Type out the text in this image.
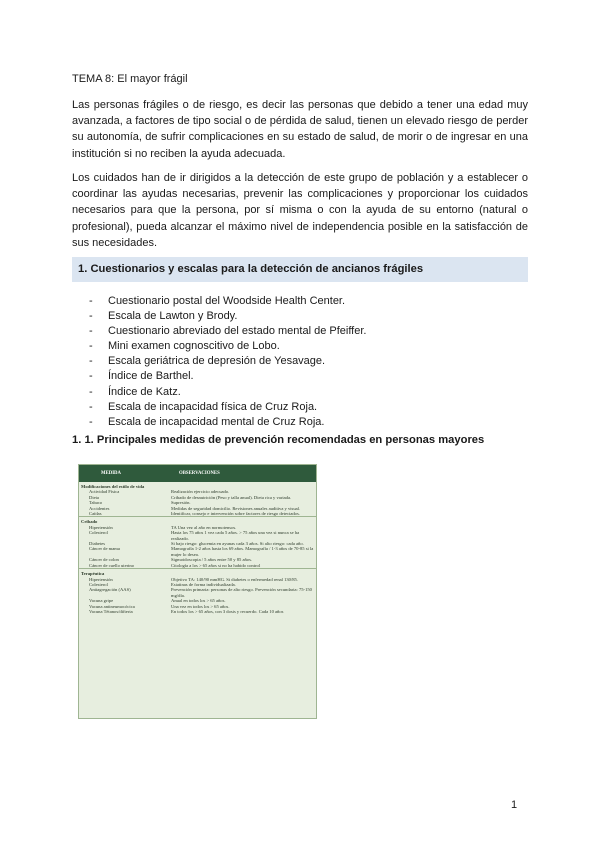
TEMA 8: El mayor frágil

Las personas frágiles o de riesgo, es decir las personas que debido a tener una edad muy avanzada, a factores de tipo social o de pérdida de salud, tienen un elevado riesgo de perder su autonomía, de sufrir complicaciones en su estado de salud, de morir o de ingresar en una institución si no reciben la ayuda adecuada.

Los cuidados han de ir dirigidos a la detección de este grupo de población y a establecer o coordinar las ayudas necesarias, prevenir las complicaciones y proporcionar los cuidados necesarios para que la persona, por sí misma o con la ayuda de su entorno (natural o profesional), pueda alcanzar el máximo nivel de independencia posible en la satisfacción de sus necesidades.

1. Cuestionarios y escalas para la detección de ancianos frágiles
- Cuestionario postal del Woodside Health Center.
- Escala de Lawton y Brody.
- Cuestionario abreviado del estado mental de Pfeiffer.
- Mini examen cognoscitivo de Lobo.
- Escala geriátrica de depresión de Yesavage.
- Índice de Barthel.
- Índice de Katz.
- Escala de incapacidad física de Cruz Roja.
- Escala de incapacidad mental de Cruz Roja.
1. 1. Principales medidas de prevención recomendadas en personas mayores
MEDIDA	OBSERVACIONES
Modificaciones del estilo de vida	
Actividad Física	Realización ejercicio adecuado.
Dieta	Cribado de desnutrición (Peso y talla anual). Dieta rica y variada.
Tabaco	Supresión.
Accidentes	Medidas de seguridad domicilio. Revisiones anuales auditiva y visual.
Caídas	Identificar, consejo e intervención sobre factores de riesgo detectados.
Cribado	
Hipertensión	TA Una vez al año en normotensos.
Colesterol	Hasta los 75 años 1 vez cada 5 años. > 75 años una vez si nunca se ha realizado.
Diabetes	Si bajo riesgo: glucemia en ayunas cada 3 años. Si alto riesgo: cada año.
Cáncer de mama	Mamografía 1-2 años hasta los 69 años. Mamografía / 1-3 años de 70-85 si la mujer lo desea.
Cáncer de colon	Sigmoidoscopia / 5 años entre 50 y 85 años.
Cáncer de cuello uterino	Citología a los > 65 años si no ha habido control
Terapéutica	
Hipertensión	Objetivo TA: 140/90 mmHG. Si diabetes o enfermedad renal 130/85.
Colesterol	Estatinas de forma individualizada.
Antiagregación (AAS)	Prevención primaria: personas de alto riesgo. Prevención secundaria: 75-150 mg/día.
Vacuna gripe	Anual en todos los > 65 años.
Vacuna antineumocócica	Una vez en todos los > 65 años.
Vacuna Tétanos/difteria	En todos los > 65 años, con 3 dosis y recuerdo. Cada 10 años
1
